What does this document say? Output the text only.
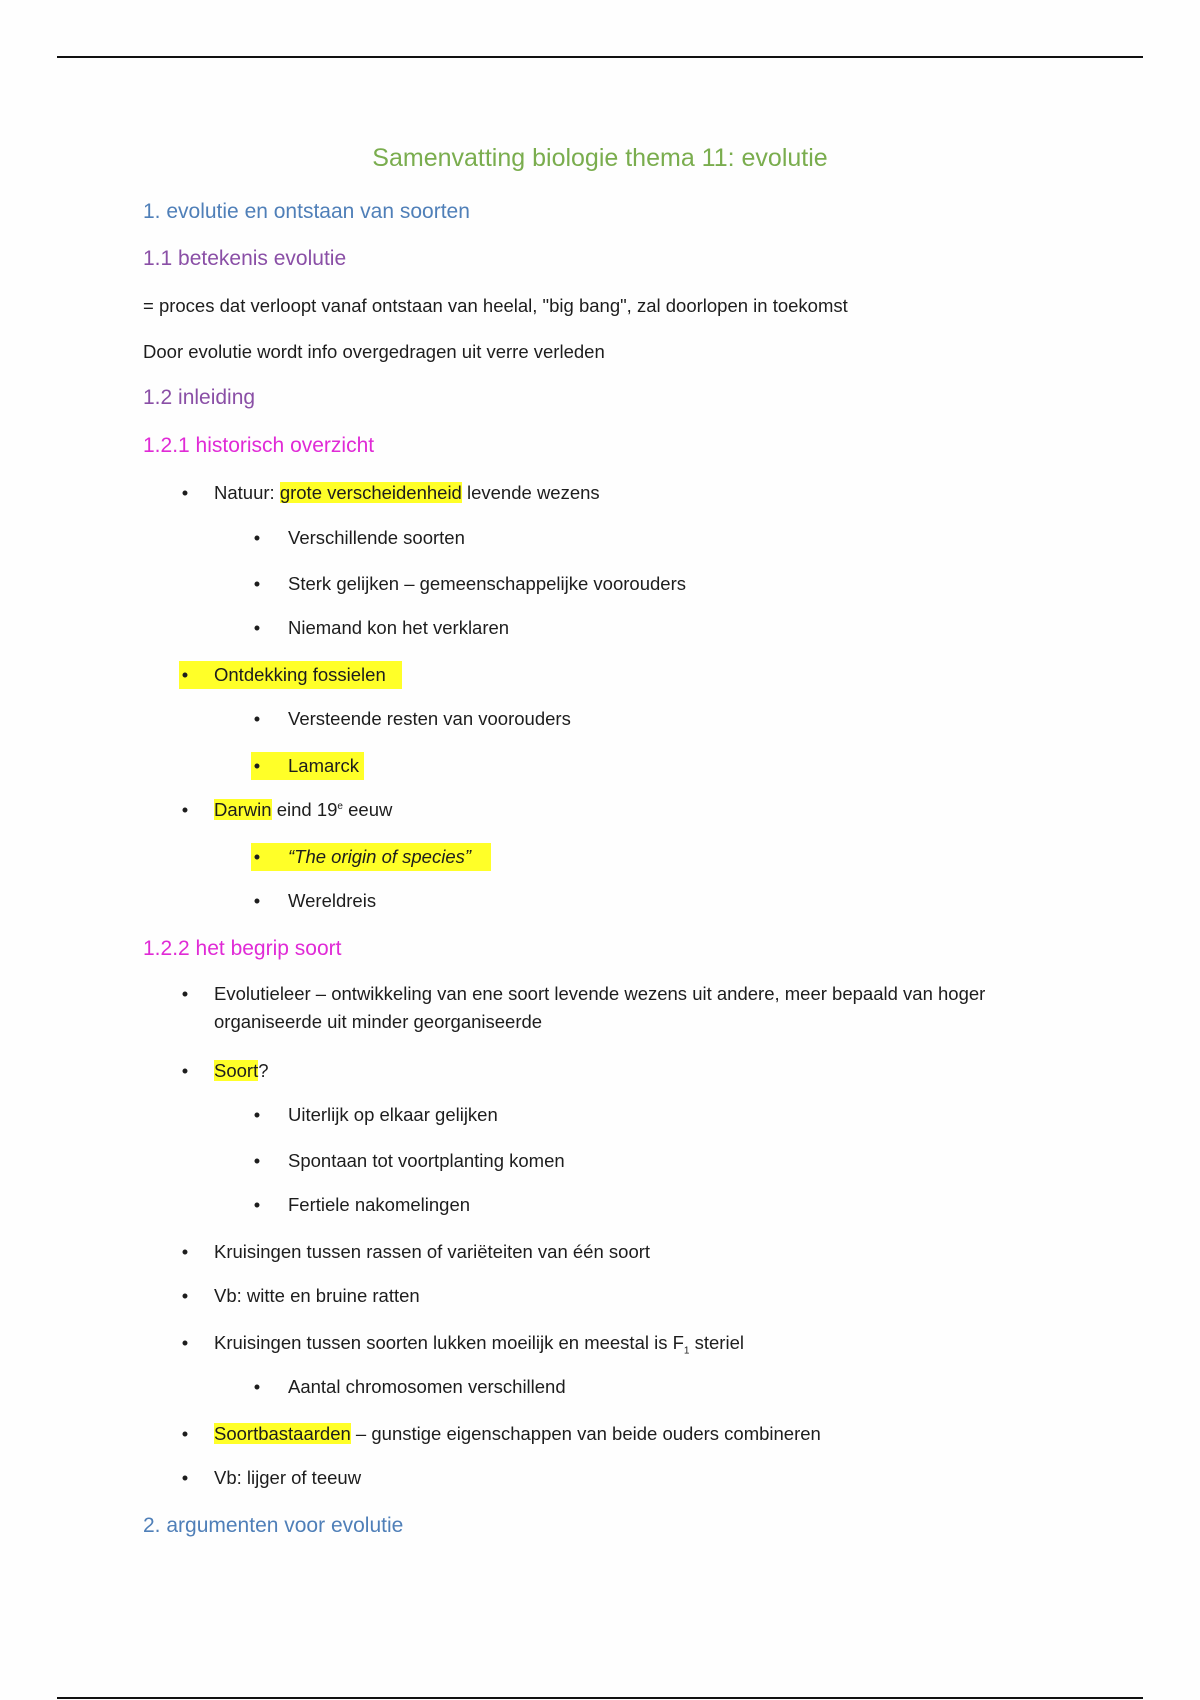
Samenvatting biologie thema 11: evolutie
1. evolutie en ontstaan van soorten
1.1 betekenis evolutie
= proces dat verloopt vanaf ontstaan van heelal, "big bang", zal doorlopen in toekomst
Door evolutie wordt info overgedragen uit verre verleden
1.2 inleiding
1.2.1 historisch overzicht
• Natuur: grote verscheidenheid levende wezens
• Verschillende soorten
• Sterk gelijken – gemeenschappelijke voorouders
• Niemand kon het verklaren
• Ontdekking fossielen
• Versteende resten van voorouders
• Lamarck
• Darwin eind 19e eeuw
• “The origin of species”
• Wereldreis
1.2.2 het begrip soort
• Evolutieleer – ontwikkeling van ene soort levende wezens uit andere, meer bepaald van hoger organiseerde uit minder georganiseerde
• Soort?
• Uiterlijk op elkaar gelijken
• Spontaan tot voortplanting komen
• Fertiele nakomelingen
• Kruisingen tussen rassen of variëteiten van één soort
• Vb: witte en bruine ratten
• Kruisingen tussen soorten lukken moeilijk en meestal is $F_1$ steriel
• Aantal chromosomen verschillend
• Soortbastaarden – gunstige eigenschappen van beide ouders combineren
• Vb: lijger of teeuw
2. argumenten voor evolutie
